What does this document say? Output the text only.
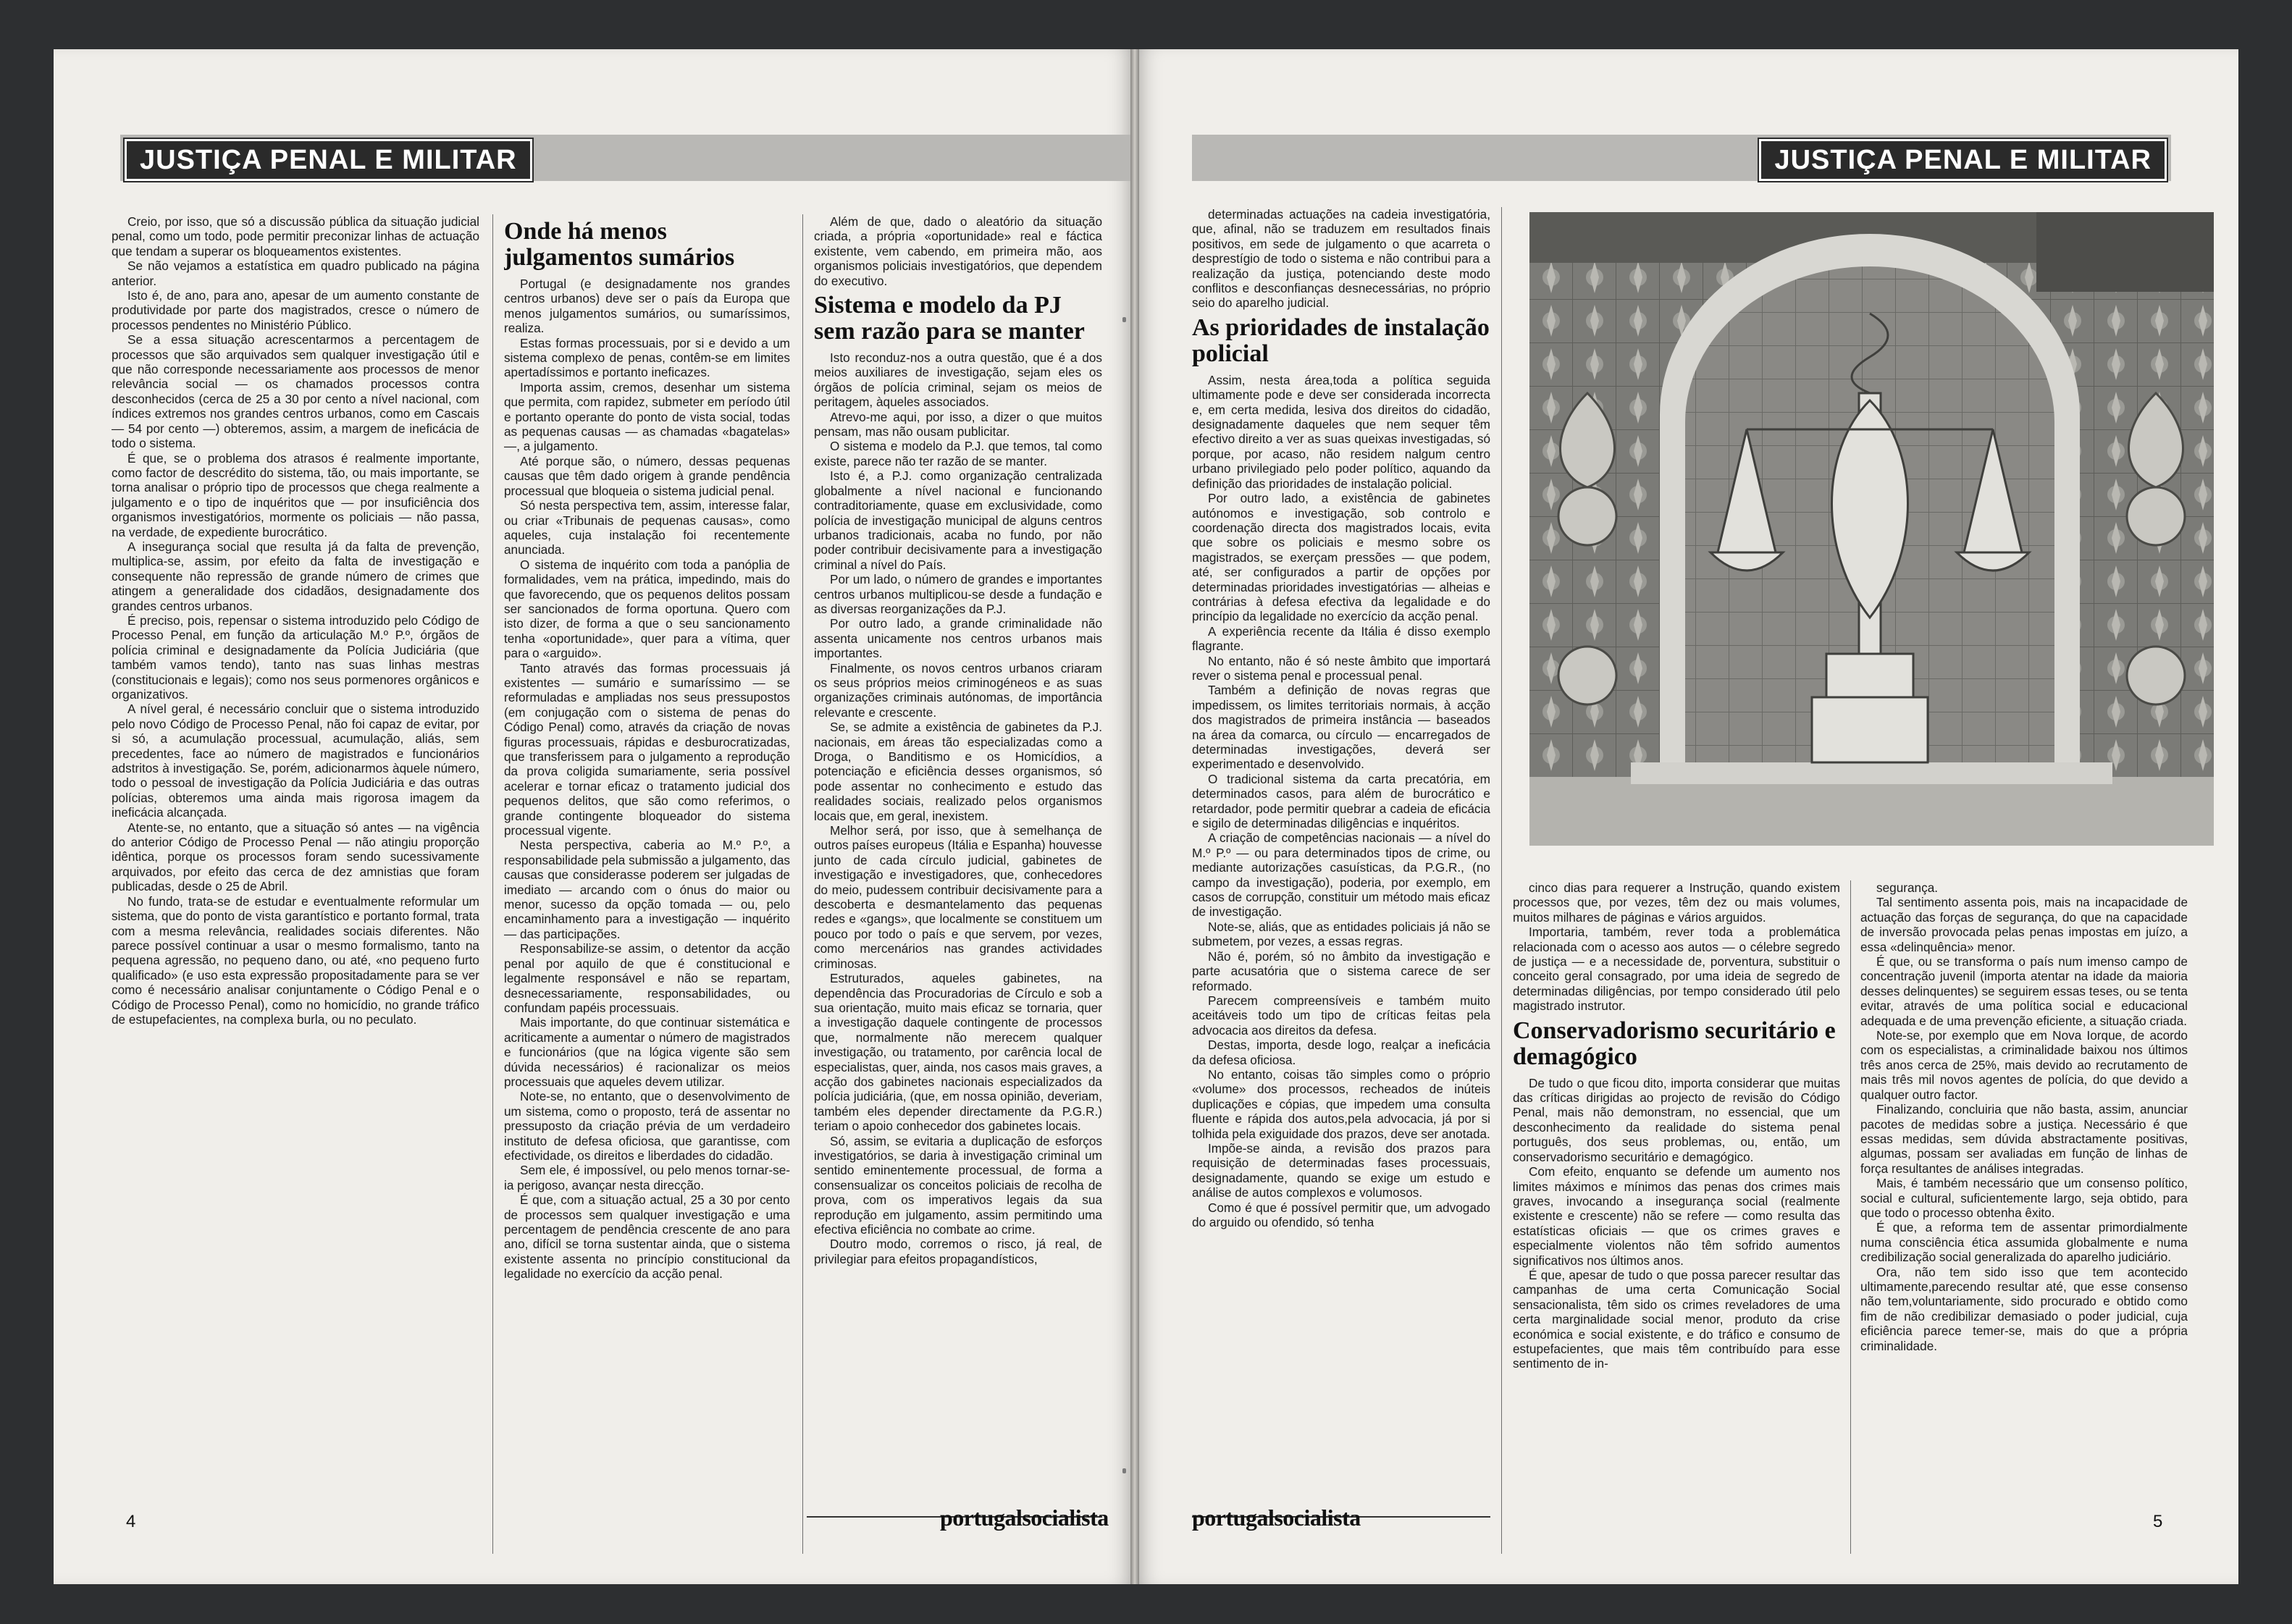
JUSTIÇA PENAL E MILITAR

Creio, por isso, que só a discussão pública da situação judicial penal, como um todo, pode permitir preconizar linhas de actuação que tendam a superar os bloqueamentos existentes.

Se não vejamos a estatística em quadro publicado na página anterior.

Isto é, de ano, para ano, apesar de um aumento constante de produtividade por parte dos magistrados, cresce o número de processos pendentes no Ministério Público.

Se a essa situação acrescentarmos a percentagem de processos que são arquivados sem qualquer investigação útil e que não corresponde necessariamente aos processos de menor relevância social — os chamados processos contra desconhecidos (cerca de 25 a 30 por cento a nível nacional, com índices extremos nos grandes centros urbanos, como em Cascais — 54 por cento —) obteremos, assim, a margem de ineficácia de todo o sistema.

É que, se o problema dos atrasos é realmente importante, como factor de descrédito do sistema, tão, ou mais importante, se torna analisar o próprio tipo de processos que chega realmente a julgamento e o tipo de inquéritos que — por insuficiência dos organismos investigatórios, mormente os policiais — não passa, na verdade, de expediente burocrático.

A insegurança social que resulta já da falta de prevenção, multiplica-se, assim, por efeito da falta de investigação e consequente não repressão de grande número de crimes que atingem a generalidade dos cidadãos, designadamente dos grandes centros urbanos.

É preciso, pois, repensar o sistema introduzido pelo Código de Processo Penal, em função da articulação M.º P.º, órgãos de polícia criminal e designadamente da Polícia Judiciária (que também vamos tendo), tanto nas suas linhas mestras (constitucionais e legais); como nos seus pormenores orgânicos e organizativos.

A nível geral, é necessário concluir que o sistema introduzido pelo novo Código de Processo Penal, não foi capaz de evitar, por si só, a acumulação processual, acumulação, aliás, sem precedentes, face ao número de magistrados e funcionários adstritos à investigação. Se, porém, adicionarmos àquele número, todo o pessoal de investigação da Polícia Judiciária e das outras polícias, obteremos uma ainda mais rigorosa imagem da ineficácia alcançada.

Atente-se, no entanto, que a situação só antes — na vigência do anterior Código de Processo Penal — não atingiu proporção idêntica, porque os processos foram sendo sucessivamente arquivados, por efeito das cerca de dez amnistias que foram publicadas, desde o 25 de Abril.

No fundo, trata-se de estudar e eventualmente reformular um sistema, que do ponto de vista garantístico e portanto formal, trata com a mesma relevância, realidades sociais diferentes. Não parece possível continuar a usar o mesmo formalismo, tanto na pequena agressão, no pequeno dano, ou até, «no pequeno furto qualificado» (e uso esta expressão propositadamente para se ver como é necessário analisar conjuntamente o Código Penal e o Código de Processo Penal), como no homicídio, no grande tráfico de estupefacientes, na complexa burla, ou no peculato.

Onde há menos julgamentos sumários

Portugal (e designadamente nos grandes centros urbanos) deve ser o país da Europa que menos julgamentos sumários, ou sumaríssimos, realiza.

Estas formas processuais, por si e devido a um sistema complexo de penas, contêm-se em limites apertadíssimos e portanto ineficazes.

Importa assim, cremos, desenhar um sistema que permita, com rapidez, submeter em período útil e portanto operante do ponto de vista social, todas as pequenas causas — as chamadas «bagatelas» —, a julgamento.

Até porque são, o número, dessas pequenas causas que têm dado origem à grande pendência processual que bloqueia o sistema judicial penal.

Só nesta perspectiva tem, assim, interesse falar, ou criar «Tribunais de pequenas causas», como aqueles, cuja instalação foi recentemente anunciada.

O sistema de inquérito com toda a panóplia de formalidades, vem na prática, impedindo, mais do que favorecendo, que os pequenos delitos possam ser sancionados de forma oportuna. Quero com isto dizer, de forma a que o seu sancionamento tenha «oportunidade», quer para a vítima, quer para o «arguido».

Tanto através das formas processuais já existentes — sumário e sumaríssimo — se reformuladas e ampliadas nos seus pressupostos (em conjugação com o sistema de penas do Código Penal) como, através da criação de novas figuras processuais, rápidas e desburocratizadas, que transferissem para o julgamento a reprodução da prova coligida sumariamente, seria possível acelerar e tornar eficaz o tratamento judicial dos pequenos delitos, que são como referimos, o grande contingente bloqueador do sistema processual vigente.

Nesta perspectiva, caberia ao M.º P.º, a responsabilidade pela submissão a julgamento, das causas que considerasse poderem ser julgadas de imediato — arcando com o ónus do maior ou menor, sucesso da opção tomada — ou, pelo encaminhamento para a investigação — inquérito — das participações.

Responsabilize-se assim, o detentor da acção penal por aquilo de que é constitucional e legalmente responsável e não se repartam, desnecessariamente, responsabilidades, ou confundam papéis processuais.

Mais importante, do que continuar sistemática e acriticamente a aumentar o número de magistrados e funcionários (que na lógica vigente são sem dúvida necessários) é racionalizar os meios processuais que aqueles devem utilizar.

Note-se, no entanto, que o desenvolvimento de um sistema, como o proposto, terá de assentar no pressuposto da criação prévia de um verdadeiro instituto de defesa oficiosa, que garantisse, com efectividade, os direitos e liberdades do cidadão.

Sem ele, é impossível, ou pelo menos tornar-se-ia perigoso, avançar nesta direcção.

É que, com a situação actual, 25 a 30 por cento de processos sem qualquer investigação e uma percentagem de pendência crescente de ano para ano, difícil se torna sustentar ainda, que o sistema existente assenta no princípio constitucional da legalidade no exercício da acção penal.

Além de que, dado o aleatório da situação criada, a própria «oportunidade» real e fáctica existente, vem cabendo, em primeira mão, aos organismos policiais investigatórios, que dependem do executivo.

Sistema e modelo da PJ sem razão para se manter

Isto reconduz-nos a outra questão, que é a dos meios auxiliares de investigação, sejam eles os órgãos de polícia criminal, sejam os meios de peritagem, àqueles associados.

Atrevo-me aqui, por isso, a dizer o que muitos pensam, mas não ousam publicitar.

O sistema e modelo da P.J. que temos, tal como existe, parece não ter razão de se manter.

Isto é, a P.J. como organização centralizada globalmente a nível nacional e funcionando contraditoriamente, quase em exclusividade, como polícia de investigação municipal de alguns centros urbanos tradicionais, acaba no fundo, por não poder contribuir decisivamente para a investigação criminal a nível do País.

Por um lado, o número de grandes e importantes centros urbanos multiplicou-se desde a fundação e as diversas reorganizações da P.J.

Por outro lado, a grande criminalidade não assenta unicamente nos centros urbanos mais importantes.

Finalmente, os novos centros urbanos criaram os seus próprios meios criminogéneos e as suas organizações criminais autónomas, de importância relevante e crescente.

Se, se admite a existência de gabinetes da P.J. nacionais, em áreas tão especializadas como a Droga, o Banditismo e os Homicídios, a potenciação e eficiência desses organismos, só pode assentar no conhecimento e estudo das realidades sociais, realizado pelos organismos locais que, em geral, inexistem.

Melhor será, por isso, que à semelhança de outros países europeus (Itália e Espanha) houvesse junto de cada círculo judicial, gabinetes de investigação e investigadores, que, conhecedores do meio, pudessem contribuir decisivamente para a descoberta e desmantelamento das pequenas redes e «gangs», que localmente se constituem um pouco por todo o país e que servem, por vezes, como mercenários nas grandes actividades criminosas.

Estruturados, aqueles gabinetes, na dependência das Procuradorias de Círculo e sob a sua orientação, muito mais eficaz se tornaria, quer a investigação daquele contingente de processos que, normalmente não merecem qualquer investigação, ou tratamento, por carência local de especialistas, quer, ainda, nos casos mais graves, a acção dos gabinetes nacionais especializados da polícia judiciária, (que, em nossa opinião, deveriam, também eles depender directamente da P.G.R.) teriam o apoio conhecedor dos gabinetes locais.

Só, assim, se evitaria a duplicação de esforços investigatórios, se daria à investigação criminal um sentido eminentemente processual, de forma a consensualizar os conceitos policiais de recolha de prova, com os imperativos legais da sua reprodução em julgamento, assim permitindo uma efectiva eficiência no combate ao crime.

Doutro modo, corremos o risco, já real, de privilegiar para efeitos propagandísticos,

4	portugalsocialista
JUSTIÇA PENAL E MILITAR

determinadas actuações na cadeia investigatória, que, afinal, não se traduzem em resultados finais positivos, em sede de julgamento o que acarreta o desprestígio de todo o sistema e não contribui para a realização da justiça, potenciando deste modo conflitos e desconfianças desnecessárias, no próprio seio do aparelho judicial.

As prioridades de instalação policial

Assim, nesta área,toda a política seguida ultimamente pode e deve ser considerada incorrecta e, em certa medida, lesiva dos direitos do cidadão, designadamente daqueles que nem sequer têm efectivo direito a ver as suas queixas investigadas, só porque, por acaso, não residem nalgum centro urbano privilegiado pelo poder político, aquando da definição das prioridades de instalação policial.

Por outro lado, a existência de gabinetes autónomos e investigação, sob controlo e coordenação directa dos magistrados locais, evita que sobre os policiais e mesmo sobre os magistrados, se exerçam pressões — que podem, até, ser configurados a partir de opções por determinadas prioridades investigatórias — alheias e contrárias à defesa efectiva da legalidade e do princípio da legalidade no exercício da acção penal.

A experiência recente da Itália é disso exemplo flagrante.

No entanto, não é só neste âmbito que importará rever o sistema penal e processual penal.

Também a definição de novas regras que impedissem, os limites territoriais normais, à acção dos magistrados de primeira instância — baseados na área da comarca, ou círculo — encarregados de determinadas investigações, deverá ser experimentado e desenvolvido.

O tradicional sistema da carta precatória, em determinados casos, para além de burocrático e retardador, pode permitir quebrar a cadeia de eficácia e sigilo de determinadas diligências e inquéritos.

A criação de competências nacionais — a nível do M.º P.º — ou para determinados tipos de crime, ou mediante autorizações casuísticas, da P.G.R., (no campo da investigação), poderia, por exemplo, em casos de corrupção, constituir um método mais eficaz de investigação.

Note-se, aliás, que as entidades policiais já não se submetem, por vezes, a essas regras.

Não é, porém, só no âmbito da investigação e parte acusatória que o sistema carece de ser reformado.

Parecem compreensíveis e também muito aceitáveis todo um tipo de críticas feitas pela advocacia aos direitos da defesa.

Destas, importa, desde logo, realçar a ineficácia da defesa oficiosa.

No entanto, coisas tão simples como o próprio «volume» dos processos, recheados de inúteis duplicações e cópias, que impedem uma consulta fluente e rápida dos autos,pela advocacia, já por si tolhida pela exiguidade dos prazos, deve ser anotada.

Impõe-se ainda, a revisão dos prazos para requisição de determinadas fases processuais, designadamente, quando se exige um estudo e análise de autos complexos e volumosos.

Como é que é possível permitir que, um advogado do arguido ou ofendido, só tenha

cinco dias para requerer a Instrução, quando existem processos que, por vezes, têm dez ou mais volumes, muitos milhares de páginas e vários arguidos.

Importaria, também, rever toda a problemática relacionada com o acesso aos autos — o célebre segredo de justiça — e a necessidade de, porventura, substituir o conceito geral consagrado, por uma ideia de segredo de determinadas diligências, por tempo considerado útil pelo magistrado instrutor.

Conservadorismo securitário e demagógico

De tudo o que ficou dito, importa considerar que muitas das críticas dirigidas ao projecto de revisão do Código Penal, mais não demonstram, no essencial, que um desconhecimento da realidade do sistema penal português, dos seus problemas, ou, então, um conservadorismo securitário e demagógico.

Com efeito, enquanto se defende um aumento nos limites máximos e mínimos das penas dos crimes mais graves, invocando a insegurança social (realmente existente e crescente) não se refere — como resulta das estatísticas oficiais — que os crimes graves e especialmente violentos não têm sofrido aumentos significativos nos últimos anos.

É que, apesar de tudo o que possa parecer resultar das campanhas de uma certa Comunicação Social sensacionalista, têm sido os crimes reveladores de uma certa marginalidade social menor, produto da crise económica e social existente, e do tráfico e consumo de estupefacientes, que mais têm contribuído para esse sentimento de in-

segurança.

Tal sentimento assenta pois, mais na incapacidade de actuação das forças de segurança, do que na capacidade de inversão provocada pelas penas impostas em juízo, a essa «delinquência» menor.

É que, ou se transforma o país num imenso campo de concentração juvenil (importa atentar na idade da maioria desses delinquentes) se seguirem essas teses, ou se tenta evitar, através de uma política social e educacional adequada e de uma prevenção eficiente, a situação criada.

Note-se, por exemplo que em Nova Iorque, de acordo com os especialistas, a criminalidade baixou nos últimos três anos cerca de 25%, mais devido ao recrutamento de mais três mil novos agentes de polícia, do que devido a qualquer outro factor.

Finalizando, concluiria que não basta, assim, anunciar pacotes de medidas sobre a justiça. Necessário é que essas medidas, sem dúvida abstractamente positivas, algumas, possam ser avaliadas em função de linhas de força resultantes de análises integradas.

Mais, é também necessário que um consenso político, social e cultural, suficientemente largo, seja obtido, para que todo o processo obtenha êxito.

É que, a reforma tem de assentar primordialmente numa consciência ética assumida globalmente e numa credibilização social generalizada do aparelho judiciário.

Ora, não tem sido isso que tem acontecido ultimamente,parecendo resultar até, que esse consenso não tem,voluntariamente, sido procurado e obtido como fim de não credibilizar demasiado o poder judicial, cuja eficiência parece temer-se, mais do que a própria criminalidade.

portugalsocialista	5
